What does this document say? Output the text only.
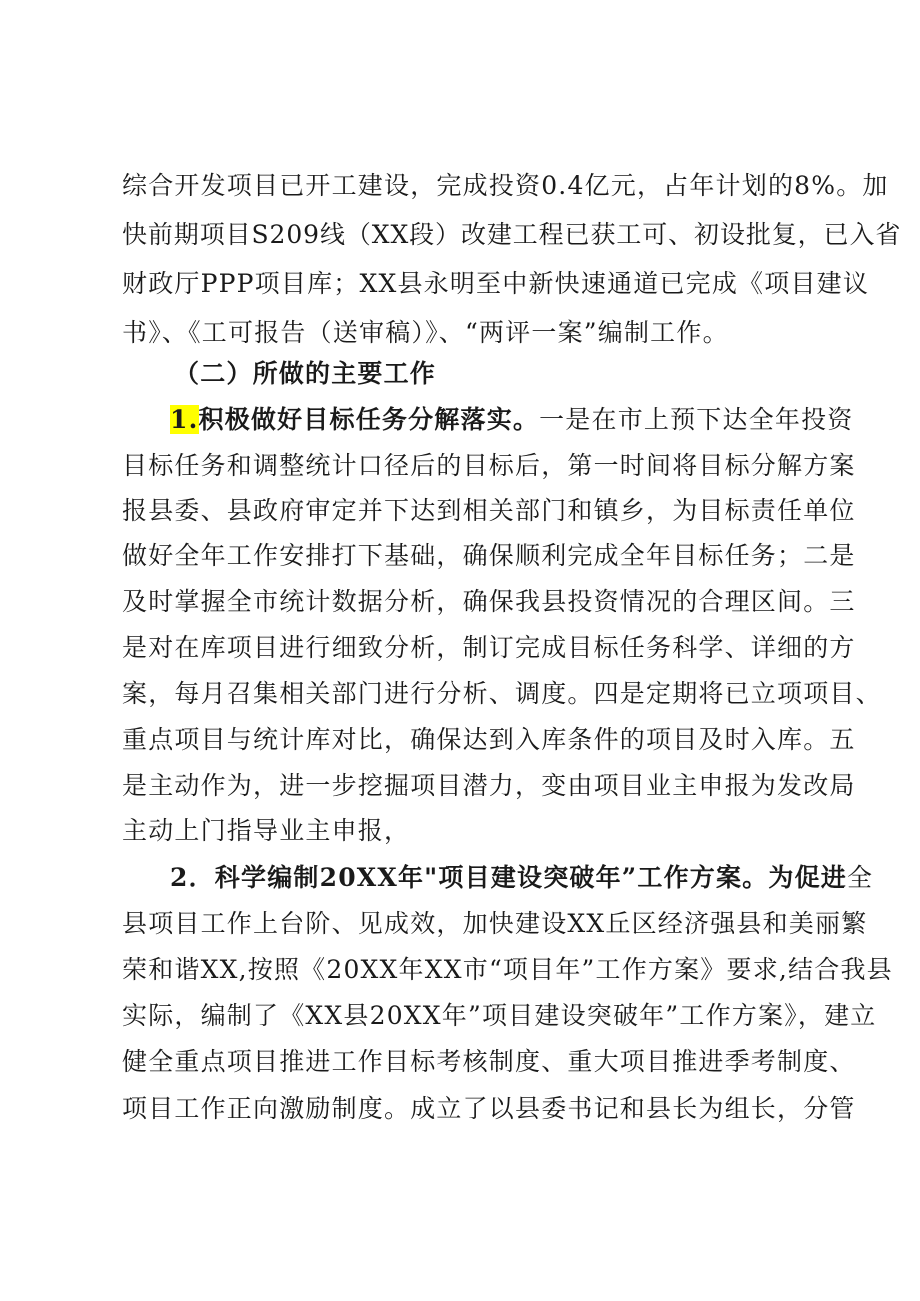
综合开发项目已开工建设，完成投资0.4亿元，占年计划的8%。加
快前期项目S209线（XX段）改建工程已获工可、初设批复，已入省
财政厅PPP项目库；XX县永明至中新快速通道已完成《项目建议
书》、《工可报告（送审稿）》、“两评一案”编制工作。
（二）所做的主要工作
1.积极做好目标任务分解落实。一是在市上预下达全年投资
目标任务和调整统计口径后的目标后，第一时间将目标分解方案
报县委、县政府审定并下达到相关部门和镇乡，为目标责任单位
做好全年工作安排打下基础，确保顺利完成全年目标任务；二是
及时掌握全市统计数据分析，确保我县投资情况的合理区间。三
是对在库项目进行细致分析，制订完成目标任务科学、详细的方
案，每月召集相关部门进行分析、调度。四是定期将已立项项目、
重点项目与统计库对比，确保达到入库条件的项目及时入库。五
是主动作为，进一步挖掘项目潜力，变由项目业主申报为发改局
主动上门指导业主申报，
2．科学编制20XX年"项目建设突破年”工作方案。为促进全
县项目工作上台阶、见成效，加快建设XX丘区经济强县和美丽繁
荣和谐XX,按照《20XX年XX市“项目年”工作方案》要求,结合我县
实际，编制了《XX县20XX年”项目建设突破年”工作方案》，建立
健全重点项目推进工作目标考核制度、重大项目推进季考制度、
项目工作正向激励制度。成立了以县委书记和县长为组长，分管
